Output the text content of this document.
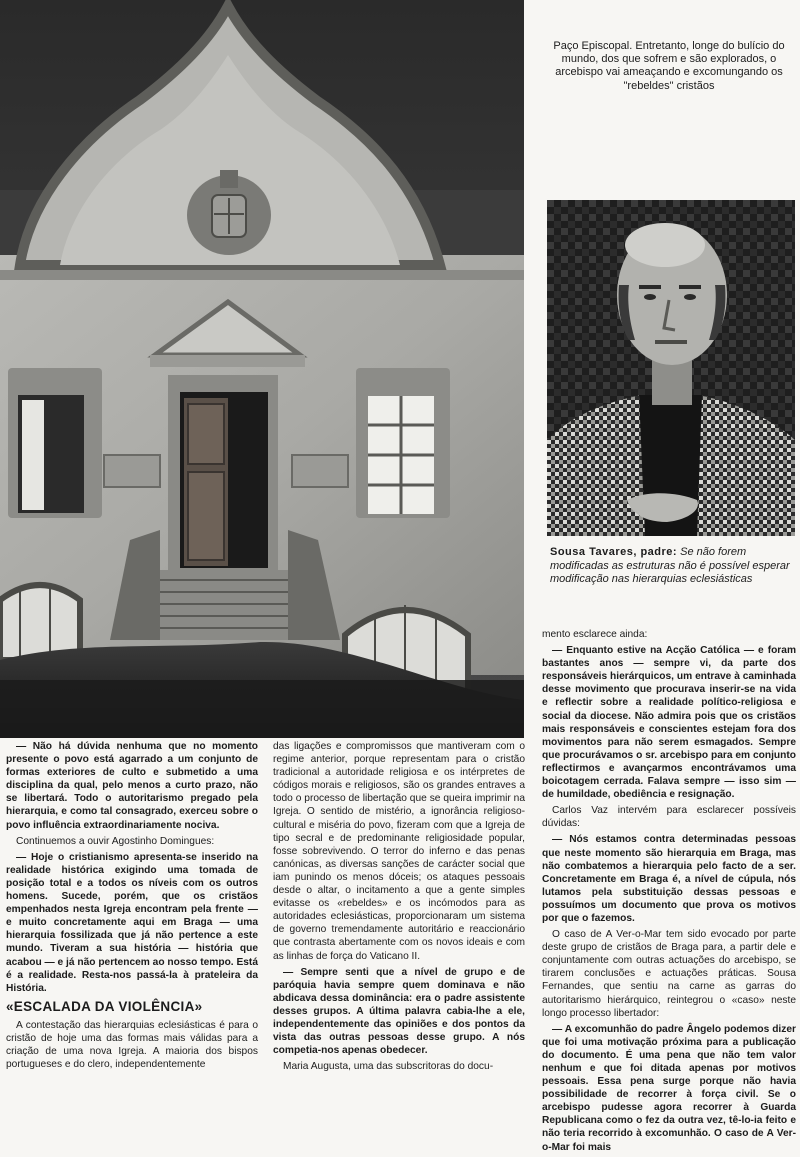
Paço Episcopal. Entretanto, longe do bulício do mundo, dos que sofrem e são explorados, o arcebispo vai ameaçando e excomungando os "rebeldes" cristãos

Sousa Tavares, padre: Se não forem modificadas as estruturas não é possível esperar modificação nas hierarquias eclesiásticas

— Não há dúvida nenhuma que no momento presente o povo está agarrado a um conjunto de formas exteriores de culto e submetido a uma disciplina da qual, pelo menos a curto prazo, não se libertará. Todo o autoritarismo pregado pela hierarquia, e como tal consagrado, exerceu sobre o povo influência extraordinariamente nociva.

Continuemos a ouvir Agostinho Domingues:

— Hoje o cristianismo apresenta-se inserido na realidade histórica exigindo uma tomada de posição total e a todos os níveis com os outros homens. Sucede, porém, que os cristãos empenhados nesta Igreja encontram pela frente — e muito concretamente aqui em Braga — uma hierarquia fossilizada que já não pertence a este mundo. Tiveram a sua história — história que acabou — e já não pertencem ao nosso tempo. Está é a realidade. Resta-nos passá-la à prateleira da História.

«ESCALADA DA VIOLÊNCIA»

A contestação das hierarquias eclesiásticas é para o cristão de hoje uma das formas mais válidas para a criação de uma nova Igreja. A maioria dos bispos portugueses e do clero, independentemente

das ligações e compromissos que mantiveram com o regime anterior, porque representam para o cristão tradicional a autoridade religiosa e os intérpretes de códigos morais e religiosos, são os grandes entraves a todo o processo de libertação que se queira imprimir na Igreja. O sentido de mistério, a ignorância religioso-cultural e miséria do povo, fizeram com que a Igreja de tipo secral e de predominante religiosidade popular, fosse sobrevivendo. O terror do inferno e das penas canónicas, as diversas sanções de carácter social que iam punindo os menos dóceis; os ataques pessoais desde o altar, o incitamento a que a gente simples evitasse os «rebeldes» e os incómodos para as autoridades eclesiásticas, proporcionaram um sistema de governo tremendamente autoritário e reaccionário que contrasta abertamente com os novos ideais e com as linhas de força do Vaticano II.

— Sempre senti que a nível de grupo e de paróquia havia sempre quem dominava e não abdicava dessa dominância: era o padre assistente desses grupos. A última palavra cabia-lhe a ele, independentemente das opiniões e dos pontos da vista das outras pessoas desse grupo. A nós competia-nos apenas obedecer.

Maria Augusta, uma das subscritoras do docu-

mento esclarece ainda:

— Enquanto estive na Acção Católica — e foram bastantes anos — sempre vi, da parte dos responsáveis hierárquicos, um entrave à caminhada desse movimento que procurava inserir-se na vida e reflectir sobre a realidade político-religiosa e social da diocese. Não admira pois que os cristãos mais responsáveis e conscientes estejam fora dos movimentos para não serem esmagados. Sempre que procurávamos o sr. arcebispo para em conjunto reflectirmos e avançarmos encontrávamos uma boicotagem cerrada. Falava sempre — isso sim — de humildade, obediência e resignação.

Carlos Vaz intervém para esclarecer possíveis dúvidas:

— Nós estamos contra determinadas pessoas que neste momento são hierarquia em Braga, mas não combatemos a hierarquia pelo facto de a ser. Concretamente em Braga é, a nível de cúpula, nós lutamos pela substituição dessas pessoas e possuímos um documento que prova os motivos por que o fazemos.

O caso de A Ver-o-Mar tem sido evocado por parte deste grupo de cristãos de Braga para, a partir dele e conjuntamente com outras actuações do arcebispo, se tirarem conclusões e actuações práticas. Sousa Fernandes, que sentiu na carne as garras do autoritarismo hierárquico, reintegrou o «caso» neste longo processo libertador:

— A excomunhão do padre Ângelo podemos dizer que foi uma motivação próxima para a publicação do documento. É uma pena que não tem valor nenhum e que foi ditada apenas por motivos pessoais. Essa pena surge porque não havia possibilidade de recorrer à força civil. Se o arcebispo pudesse agora recorrer à Guarda Republicana como o fez da outra vez, tê-lo-ia feito e não teria recorrido à excomunhão. O caso de A Ver-o-Mar foi mais
